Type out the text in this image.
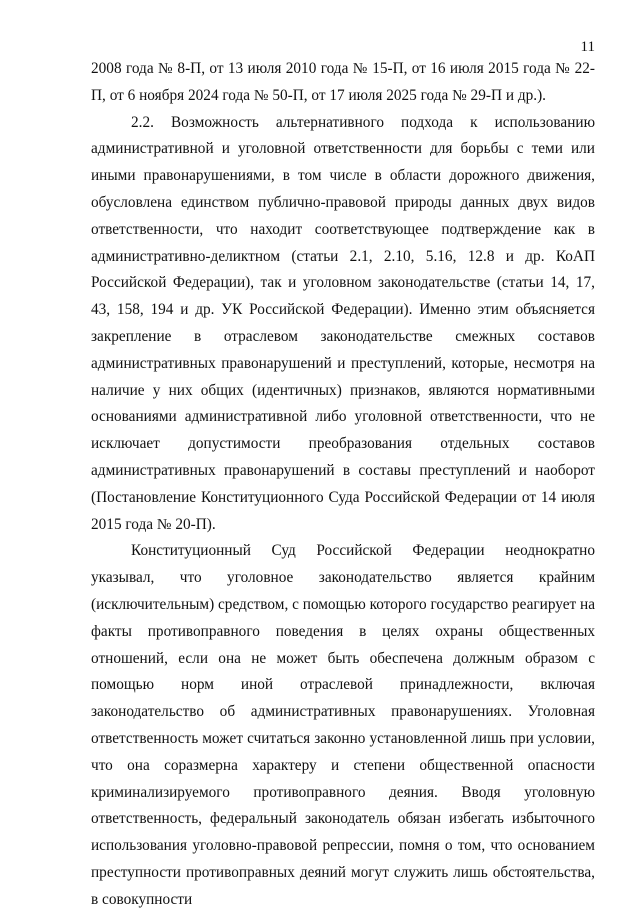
11

2008 года № 8-П, от 13 июля 2010 года № 15-П, от 16 июля 2015 года № 22-П, от 6 ноября 2024 года № 50-П, от 17 июля 2025 года № 29-П и др.).

2.2. Возможность альтернативного подхода к использованию административной и уголовной ответственности для борьбы с теми или иными правонарушениями, в том числе в области дорожного движения, обусловлена единством публично-правовой природы данных двух видов ответственности, что находит соответствующее подтверждение как в административно-деликтном (статьи 2.1, 2.10, 5.16, 12.8 и др. КоАП Российской Федерации), так и уголовном законодательстве (статьи 14, 17, 43, 158, 194 и др. УК Российской Федерации). Именно этим объясняется закрепление в отраслевом законодательстве смежных составов административных правонарушений и преступлений, которые, несмотря на наличие у них общих (идентичных) признаков, являются нормативными основаниями административной либо уголовной ответственности, что не исключает допустимости преобразования отдельных составов административных правонарушений в составы преступлений и наоборот (Постановление Конституционного Суда Российской Федерации от 14 июля 2015 года № 20-П).

Конституционный Суд Российской Федерации неоднократно указывал, что уголовное законодательство является крайним (исключительным) средством, с помощью которого государство реагирует на факты противоправного поведения в целях охраны общественных отношений, если она не может быть обеспечена должным образом с помощью норм иной отраслевой принадлежности, включая законодательство об административных правонарушениях. Уголовная ответственность может считаться законно установленной лишь при условии, что она соразмерна характеру и степени общественной опасности криминализируемого противоправного деяния. Вводя уголовную ответственность, федеральный законодатель обязан избегать избыточного использования уголовно-правовой репрессии, помня о том, что основанием преступности противоправных деяний могут служить лишь обстоятельства, в совокупности
